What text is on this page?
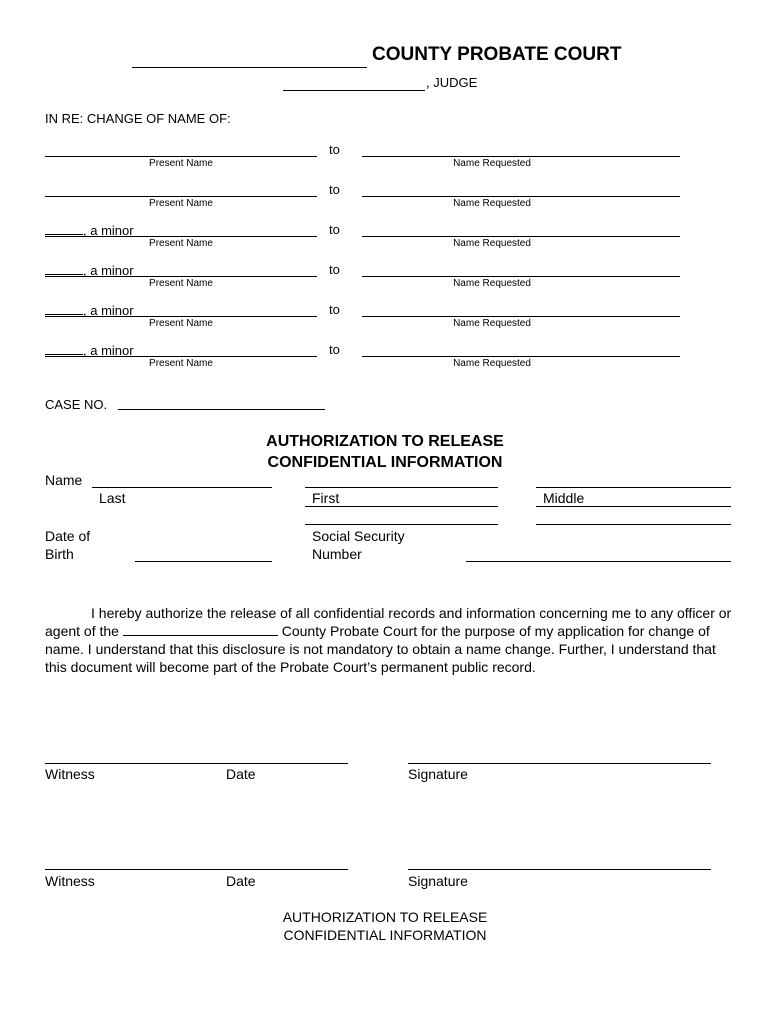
COUNTY PROBATE COURT
, JUDGE
IN RE: CHANGE OF NAME OF:
to
Present Name	Name Requested
to
Present Name	Name Requested
, a minor	to
Present Name	Name Requested
, a minor	to
Present Name	Name Requested
, a minor	to
Present Name	Name Requested
, a minor	to
Present Name	Name Requested
CASE NO.
AUTHORIZATION TO RELEASE
CONFIDENTIAL INFORMATION
Name
Last	First	Middle
Date of
Birth
Social Security
Number
I hereby authorize the release of all confidential records and information concerning me to any officer or agent of the	County Probate Court for the purpose of my application for change of name. I understand that this disclosure is not mandatory to obtain a name change. Further, I understand that this document will become part of the Probate Court’s permanent public record.
Witness	Date	Signature
Witness	Date	Signature
AUTHORIZATION TO RELEASE
CONFIDENTIAL INFORMATION
